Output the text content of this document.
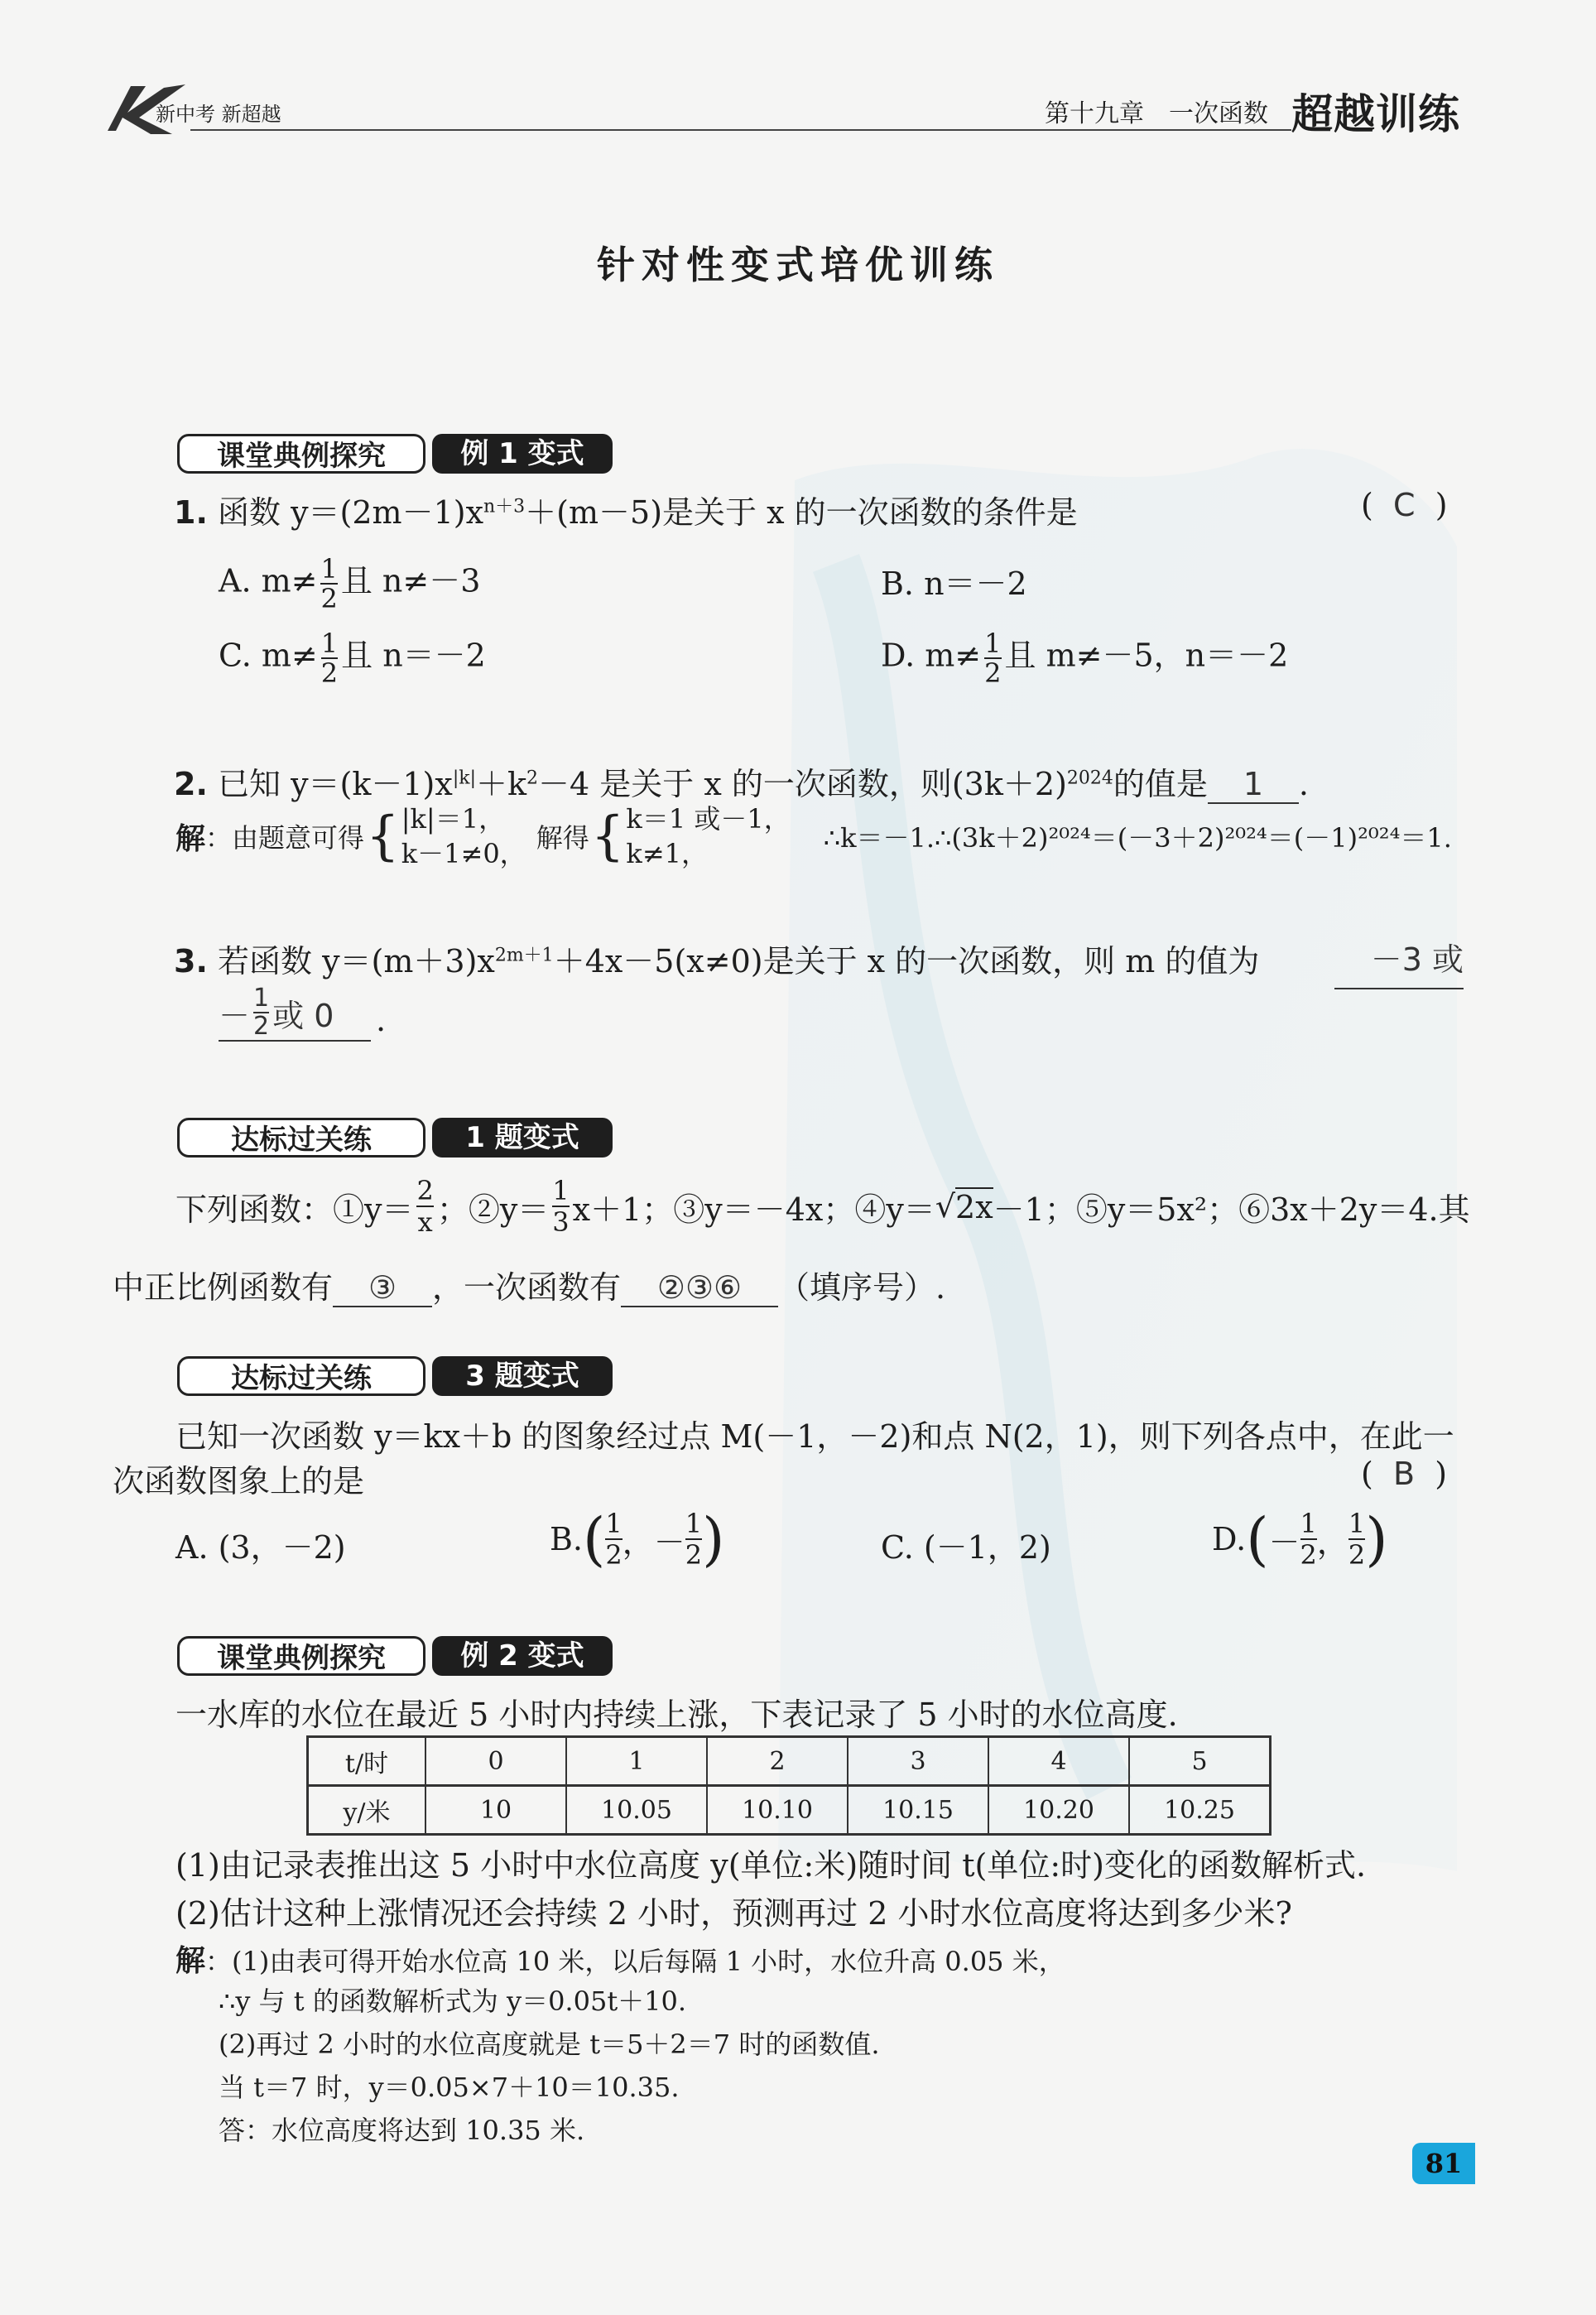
新中考 新超越	第十九章　一次函数 超越训练
针对性变式培优训练
课堂典例探究	例 1 变式
1. 函数 $y=(2m-1)x^{n+3}+(m-5)$是关于 x 的一次函数的条件是	(  C  )
A. $m\ne \frac{1}{2}$ 且 n≠－3	B. n＝－2
C. $m\ne \frac{1}{2}$ 且 n＝－2	D. $m\ne \frac{1}{2}$ 且 m≠－5，n＝－2
2. 已知 $y=(k-1)x^{|k|}+k^2-4$ 是关于 x 的一次函数，则$(3k+2)^{2024}$的值是 1 .
解 ：由题意可得 { |k|＝1，
k－1≠0， 解得 { k＝1 或－1，
k≠1，	∴k＝－1.∴(3k＋2)²⁰²⁴＝(－3＋2)²⁰²⁴＝(－1)²⁰²⁴＝1.
3. 若函数 $y=(m+3)x^{2m+1}+4x-5(x\ne 0)$是关于 x 的一次函数，则 m 的值为	－3 或
－ 1
2 或 0 .
达标过关练	1 题变式
下列函数：①y＝
2
x ；②y＝
1
3 x＋1；③y＝－4x；④y＝ √ 2x －1；⑤y＝5x²；⑥3x＋2y＝4.其
中正比例函数有 ③ ，一次函数有 ②③⑥ （填序号）.
达标过关练	3 题变式
已知一次函数 y＝kx＋b 的图象经过点 M(－1，－2)和点 N(2，1)，则下列各点中，在此一
次函数图象上的是	(  B  )
A. (3，－2)	B. ( 1
2 ，－
1
2 )	C. (－1，2)	D. ( －
1
2 ，
1
2 )
课堂典例探究	例 2 变式
一水库的水位在最近 5 小时内持续上涨，下表记录了 5 小时的水位高度.
t/时	0	1	2	3	4	5
y/米	10	10.05	10.10	10.15	10.20	10.25
(1)由记录表推出这 5 小时中水位高度 y(单位:米)随时间 t(单位:时)变化的函数解析式.
(2)估计这种上涨情况还会持续 2 小时，预测再过 2 小时水位高度将达到多少米?
解：(1)由表可得开始水位高 10 米，以后每隔 1 小时，水位升高 0.05 米，
∴y 与 t 的函数解析式为 y＝0.05t＋10.
(2)再过 2 小时的水位高度就是 t＝5＋2＝7 时的函数值.
当 t＝7 时，y＝0.05×7＋10＝10.35.
答：水位高度将达到 10.35 米.
81
